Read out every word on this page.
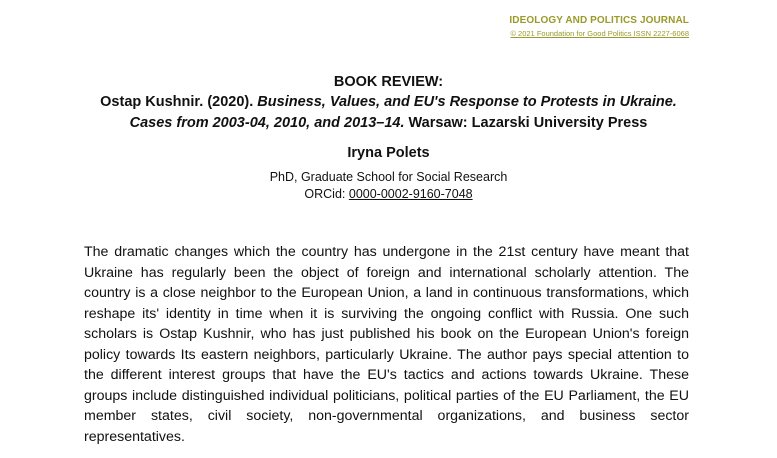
IDEOLOGY AND POLITICS JOURNAL
© 2021 Foundation for Good Politics ISSN 2227-6068
BOOK REVIEW:
Ostap Kushnir. (2020). Business, Values, and EU's Response to Protests in Ukraine.
Cases from 2003-04, 2010, and 2013–14. Warsaw: Lazarski University Press
Iryna Polets
PhD, Graduate School for Social Research
ORCid: 0000-0002-9160-7048
The dramatic changes which the country has undergone in the 21st century have meant that Ukraine has regularly been the object of foreign and international scholarly attention. The country is a close neighbor to the European Union, a land in continuous transformations, which reshape its' identity in time when it is surviving the ongoing conflict with Russia. One such scholars is Ostap Kushnir, who has just published his book on the European Union's foreign policy towards Its eastern neighbors, particularly Ukraine. The author pays special attention to the different interest groups that have the EU's tactics and actions towards Ukraine. These groups include distinguished individual politicians, political parties of the EU Parliament, the EU member states, civil society, non-governmental organizations, and business sector representatives.
